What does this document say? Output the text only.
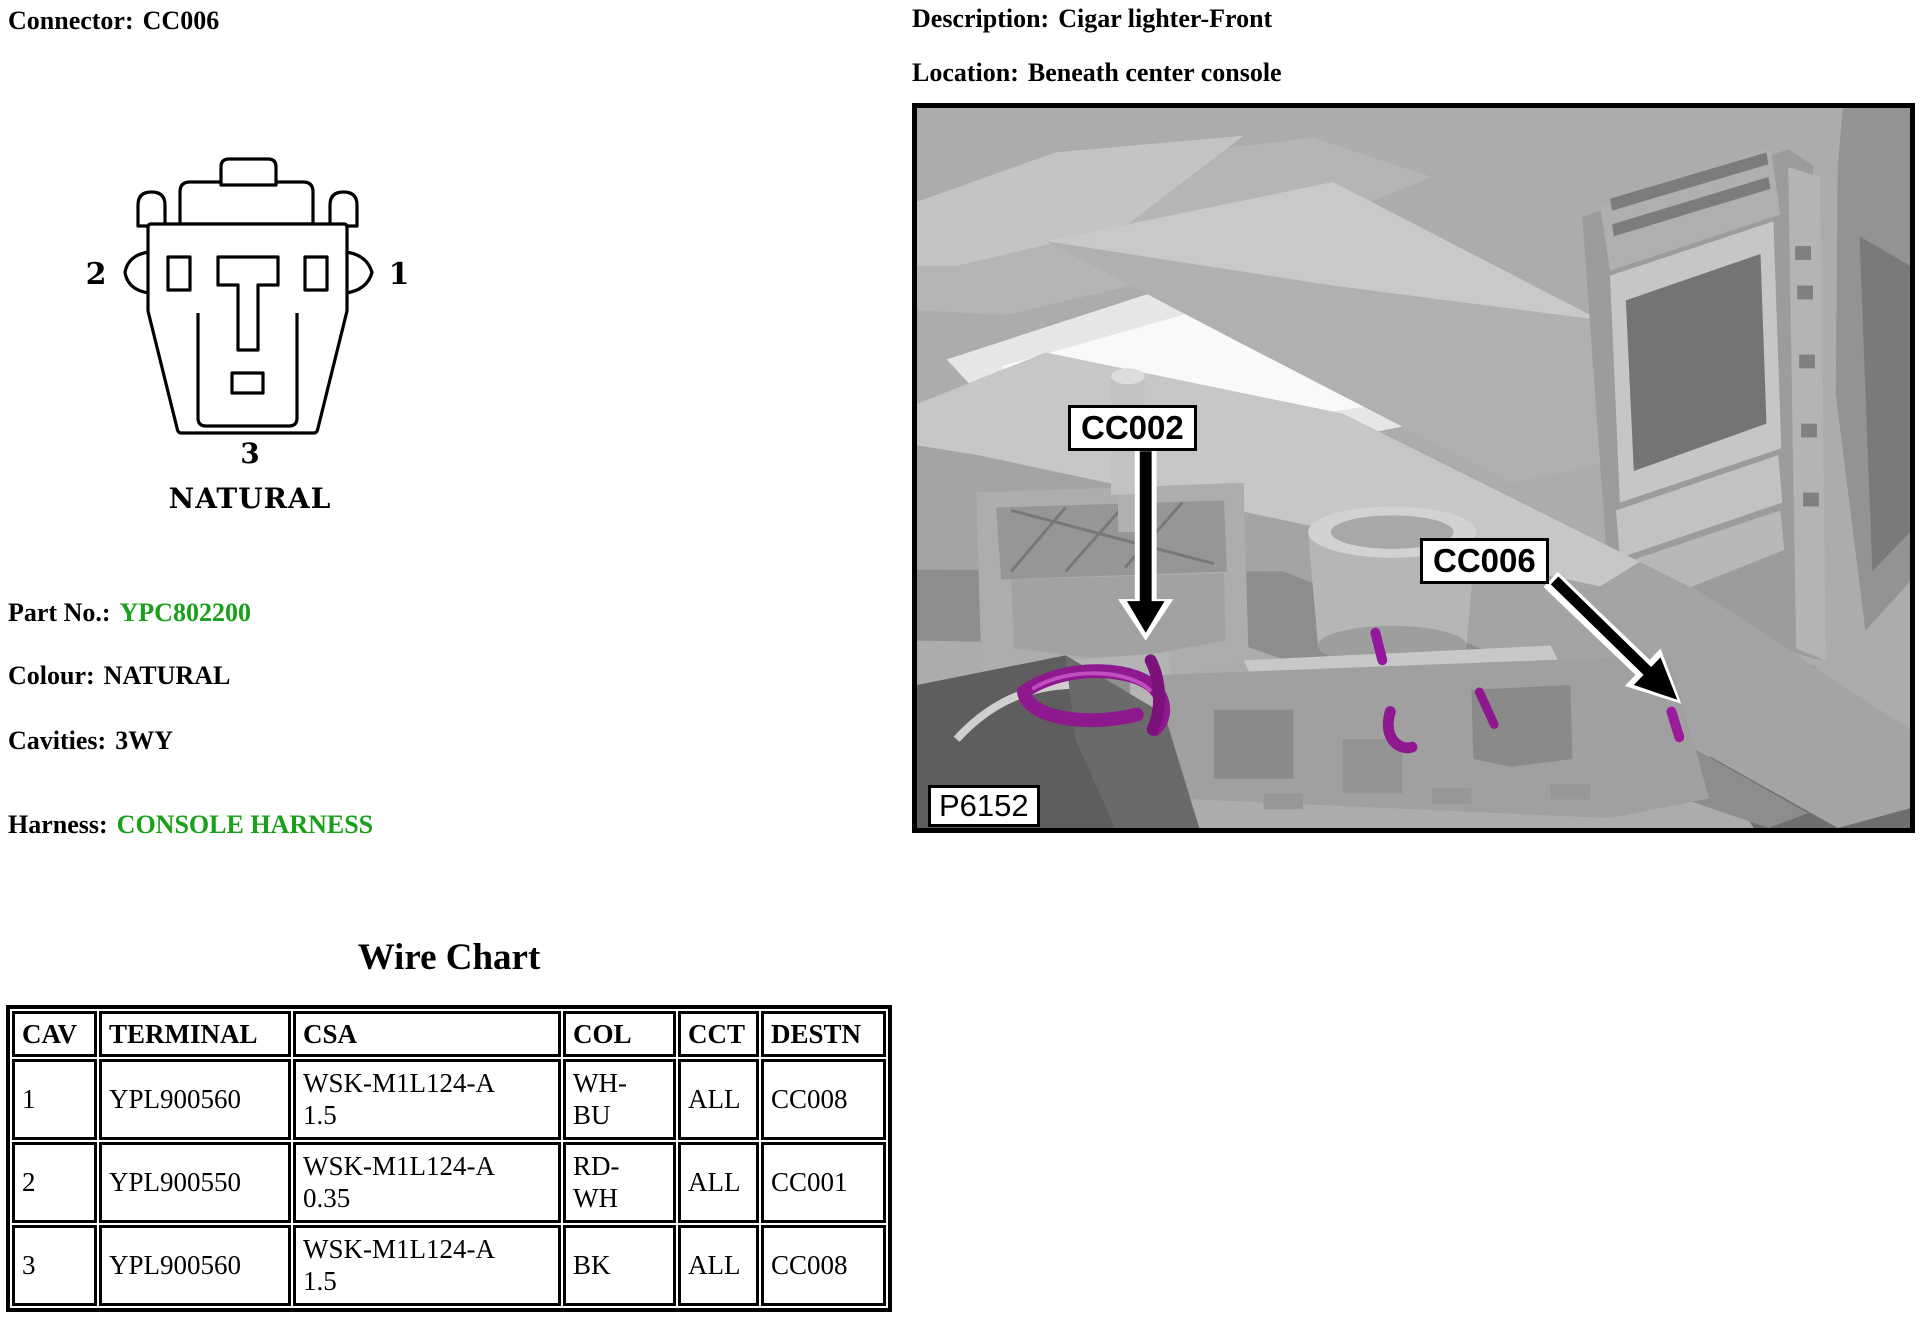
Connector: CC006	Description: Cigar lighter-Front
Location: Beneath center console
2	1
3
NATURAL
Part No.: YPC802200
Colour: NATURAL
Cavities: 3WY
Harness: CONSOLE HARNESS
CC002
CC006
P6152
Wire Chart
CAV	TERMINAL	CSA	COL	CCT	DESTN
1	YPL900560	WSK-M1L124-A 1.5	WH-BU	ALL	CC008
2	YPL900550	WSK-M1L124-A 0.35	RD-WH	ALL	CC001
3	YPL900560	WSK-M1L124-A 1.5	BK	ALL	CC008
